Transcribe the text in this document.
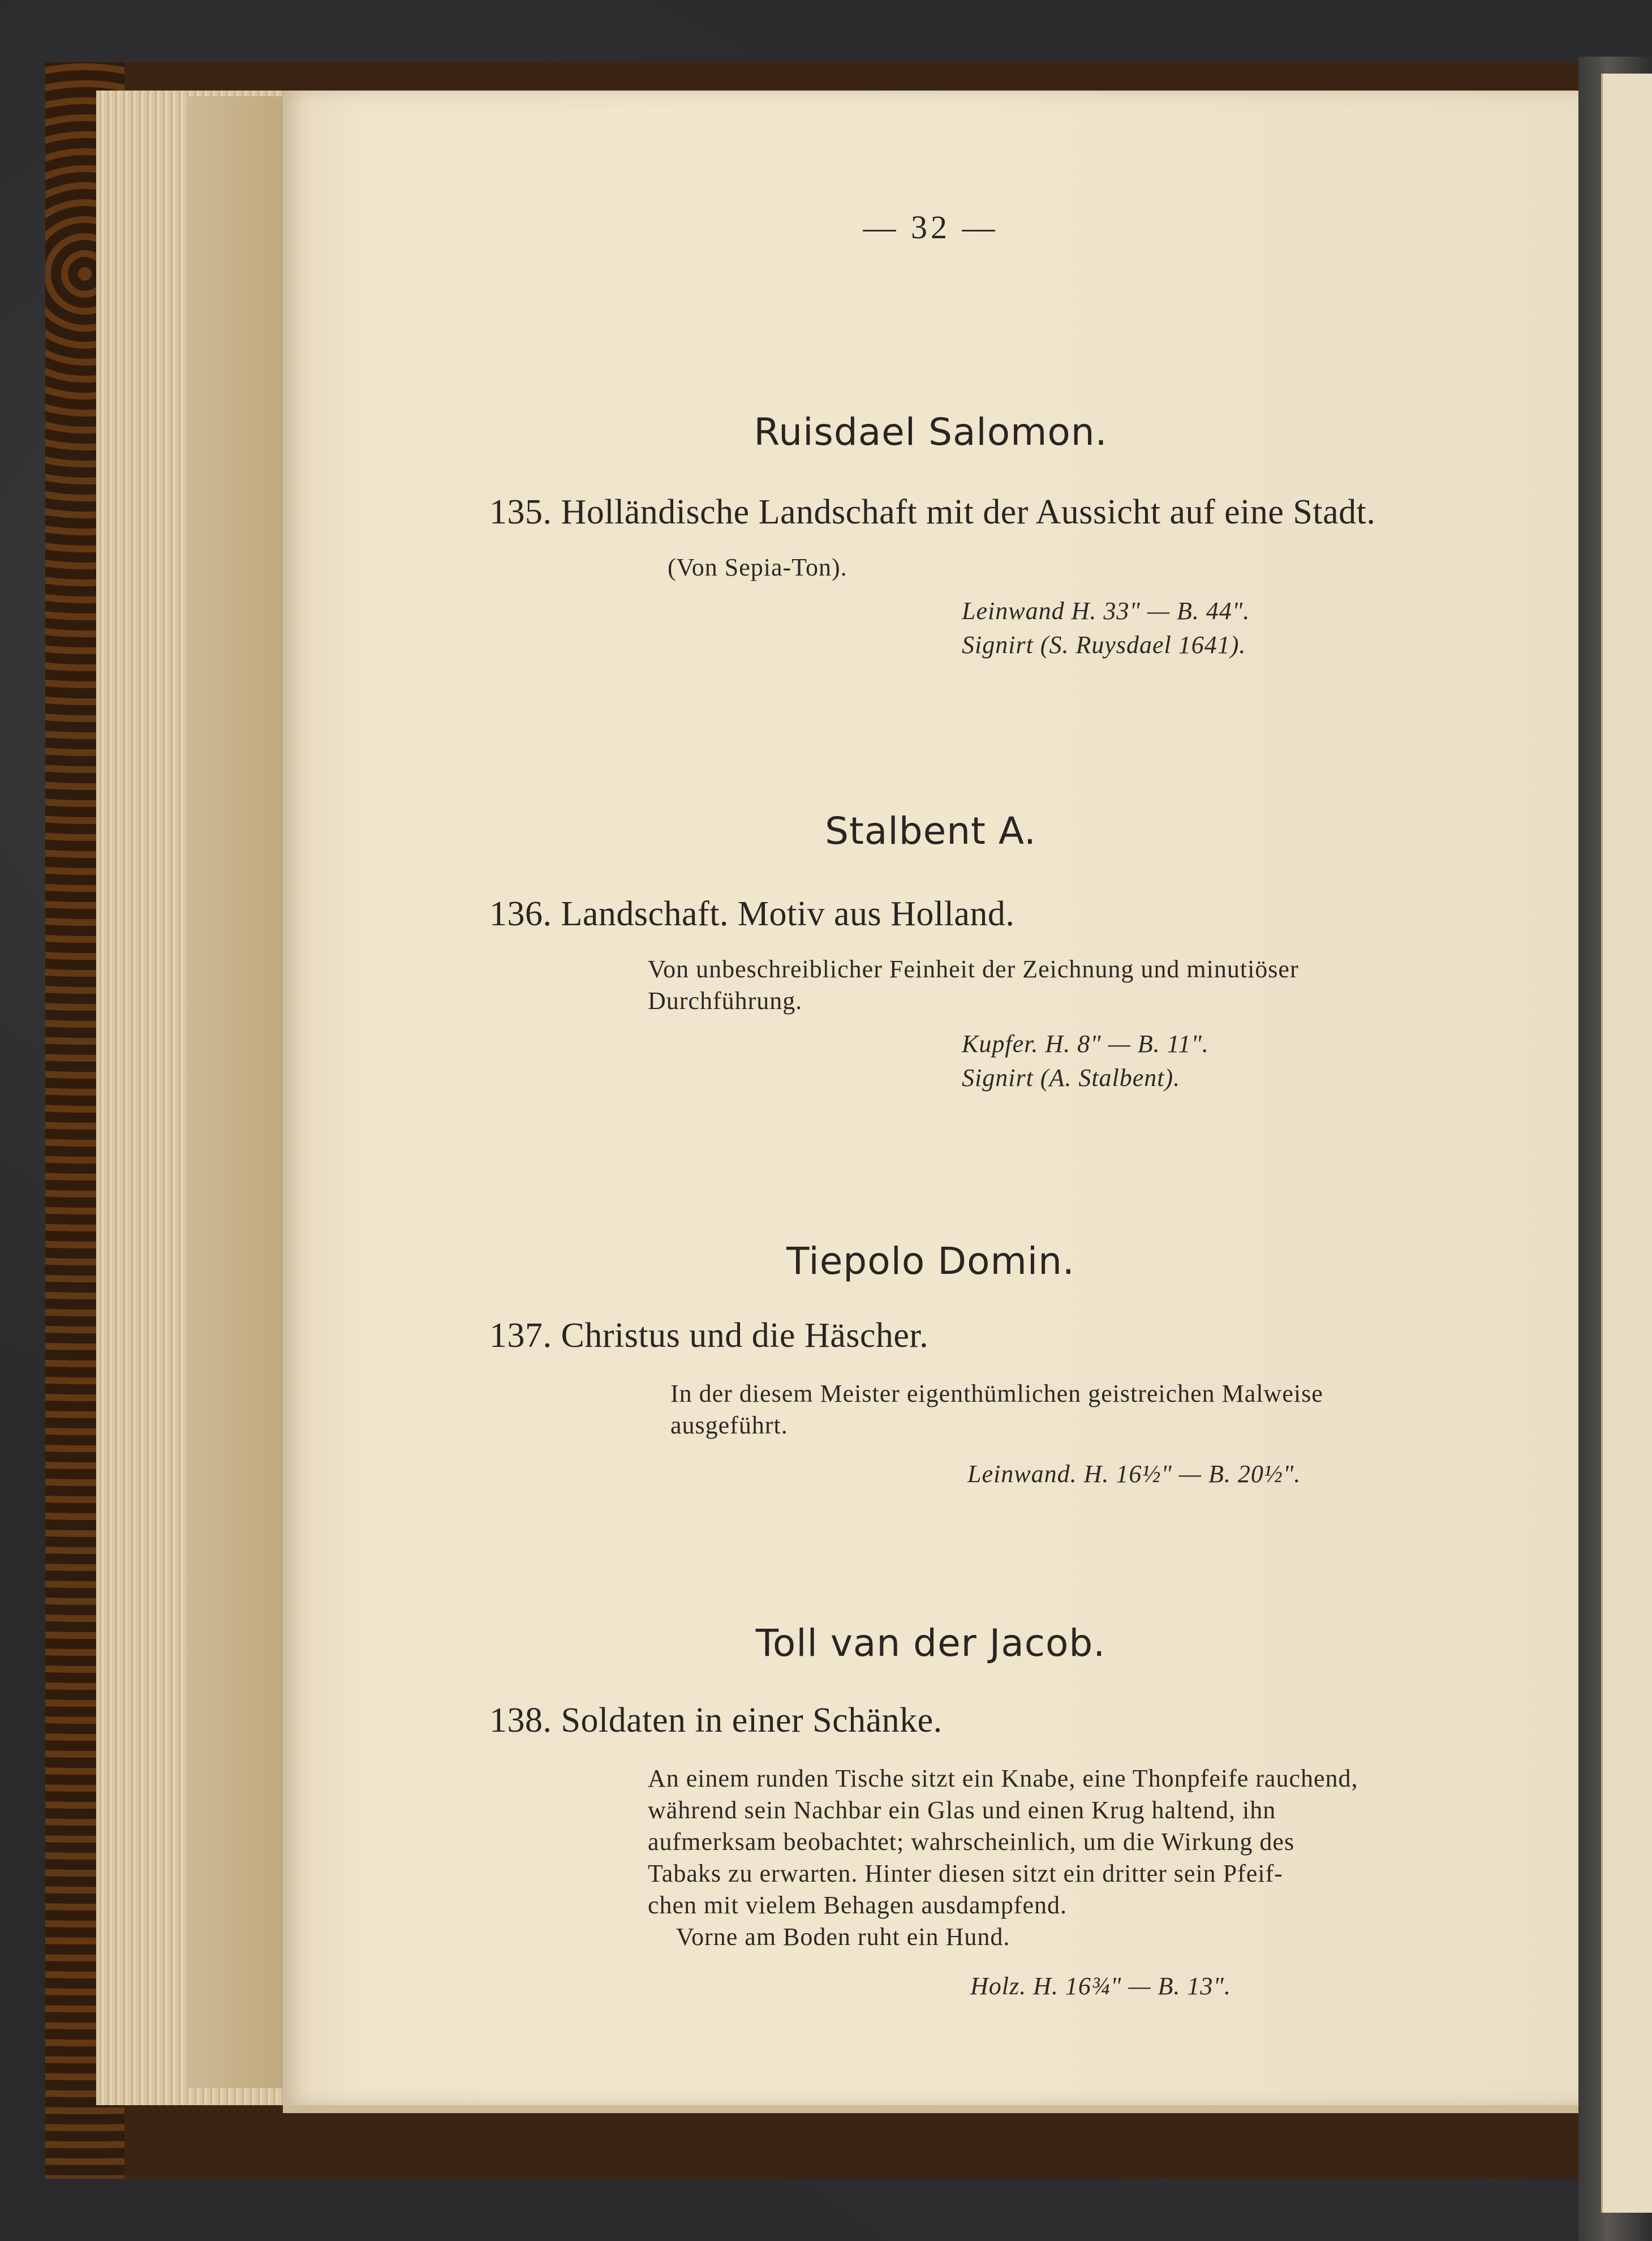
— 32 —
Ruisdael Salomon.
135. Holländische Landschaft mit der Aussicht auf eine Stadt.
(Von Sepia-Ton).
Leinwand H. 33" — B. 44".
Signirt (S. Ruysdael 1641).
Stalbent A.
136. Landschaft. Motiv aus Holland.
Von unbeschreiblicher Feinheit der Zeichnung und minutiöser
Durchführung.
Kupfer. H. 8" — B. 11".
Signirt (A. Stalbent).
Tiepolo Domin.
137. Christus und die Häscher.
In der diesem Meister eigenthümlichen geistreichen Malweise
ausgeführt.
Leinwand. H. 16½" — B. 20½".
Toll van der Jacob.
138. Soldaten in einer Schänke.
An einem runden Tische sitzt ein Knabe, eine Thonpfeife rauchend,
während sein Nachbar ein Glas und einen Krug haltend, ihn
aufmerksam beobachtet; wahrscheinlich, um die Wirkung des
Tabaks zu erwarten. Hinter diesen sitzt ein dritter sein Pfeif-
chen mit vielem Behagen ausdampfend.
Vorne am Boden ruht ein Hund.
Holz. H. 16¾" — B. 13".
